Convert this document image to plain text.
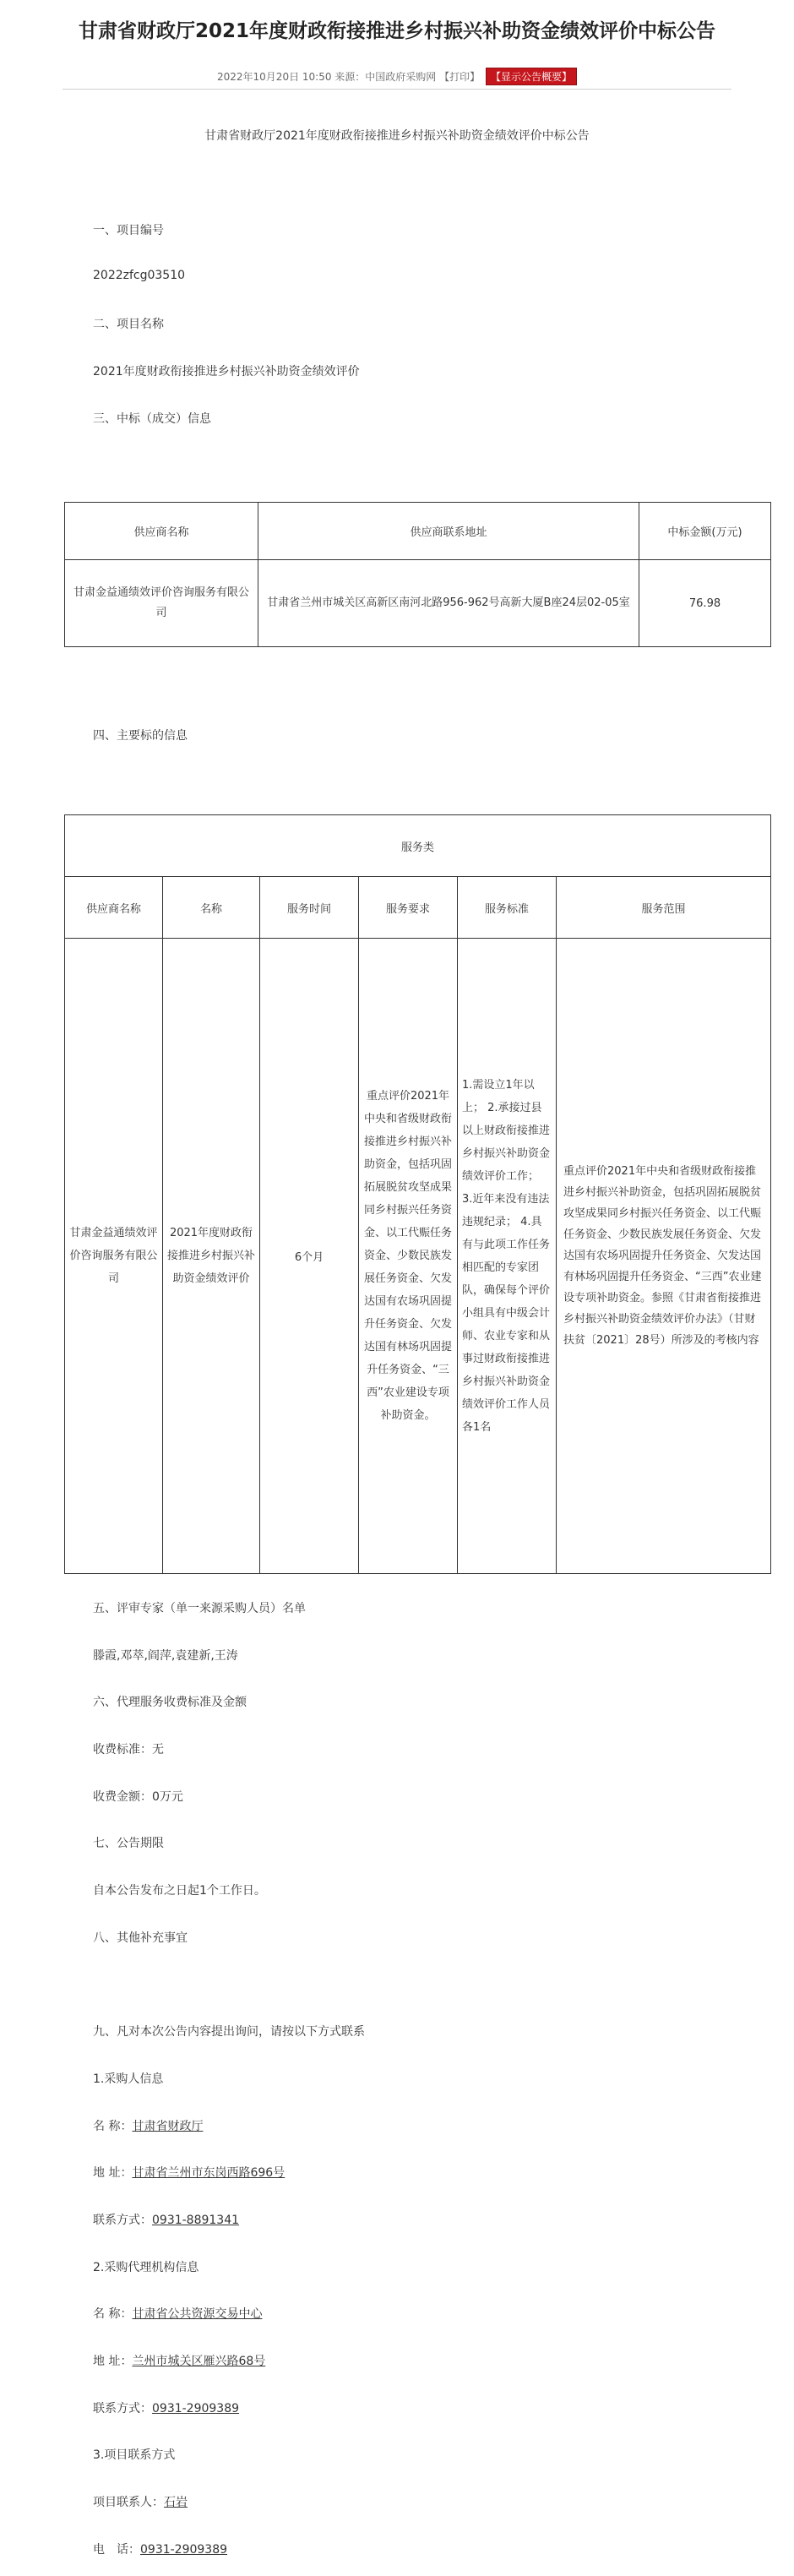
甘肃省财政厅2021年度财政衔接推进乡村振兴补助资金绩效评价中标公告
2022年10月20日 10:50 来源：中国政府采购网 【打印】 【显示公告概要】
甘肃省财政厅2021年度财政衔接推进乡村振兴补助资金绩效评价中标公告
一、项目编号
2022zfcg03510
二、项目名称
2021年度财政衔接推进乡村振兴补助资金绩效评价
三、中标（成交）信息
供应商名称	供应商联系地址	中标金额(万元)
甘肃金益通绩效评价咨询服务有限公司	甘肃省兰州市城关区高新区南河北路956-962号高新大厦B座24层02-05室	76.98
四、主要标的信息
服务类					
供应商名称	名称	服务时间	服务要求	服务标准	服务范围
甘肃金益通绩效评价咨询服务有限公司	2021年度财政衔接推进乡村振兴补助资金绩效评价	6个月	重点评价2021年中央和省级财政衔接推进乡村振兴补助资金，包括巩固拓展脱贫攻坚成果同乡村振兴任务资金、以工代赈任务资金、少数民族发展任务资金、欠发达国有农场巩固提升任务资金、欠发达国有林场巩固提升任务资金、“三西”农业建设专项补助资金。	1.需设立1年以上； 2.承接过县以上财政衔接推进乡村振兴补助资金绩效评价工作； 3.近年来没有违法违规纪录； 4.具有与此项工作任务相匹配的专家团队，确保每个评价小组具有中级会计师、农业专家和从事过财政衔接推进乡村振兴补助资金绩效评价工作人员各1名	重点评价2021年中央和省级财政衔接推进乡村振兴补助资金，包括巩固拓展脱贫攻坚成果同乡村振兴任务资金、以工代赈任务资金、少数民族发展任务资金、欠发达国有农场巩固提升任务资金、欠发达国有林场巩固提升任务资金、“三西”农业建设专项补助资金。参照《甘肃省衔接推进乡村振兴补助资金绩效评价办法》（甘财扶贫〔2021〕28号）所涉及的考核内容
五、评审专家（单一来源采购人员）名单
滕霞,邓萃,阎萍,袁建新,王涛
六、代理服务收费标准及金额
收费标准：无
收费金额：0万元
七、公告期限
自本公告发布之日起1个工作日。
八、其他补充事宜
九、凡对本次公告内容提出询问，请按以下方式联系
1.采购人信息
名 称：甘肃省财政厅
地 址：甘肃省兰州市东岗西路696号
联系方式：0931-8891341
2.采购代理机构信息
名 称：甘肃省公共资源交易中心
地 址：兰州市城关区雁兴路68号
联系方式：0931-2909389
3.项目联系方式
项目联系人：石岩
电　话：0931-2909389
